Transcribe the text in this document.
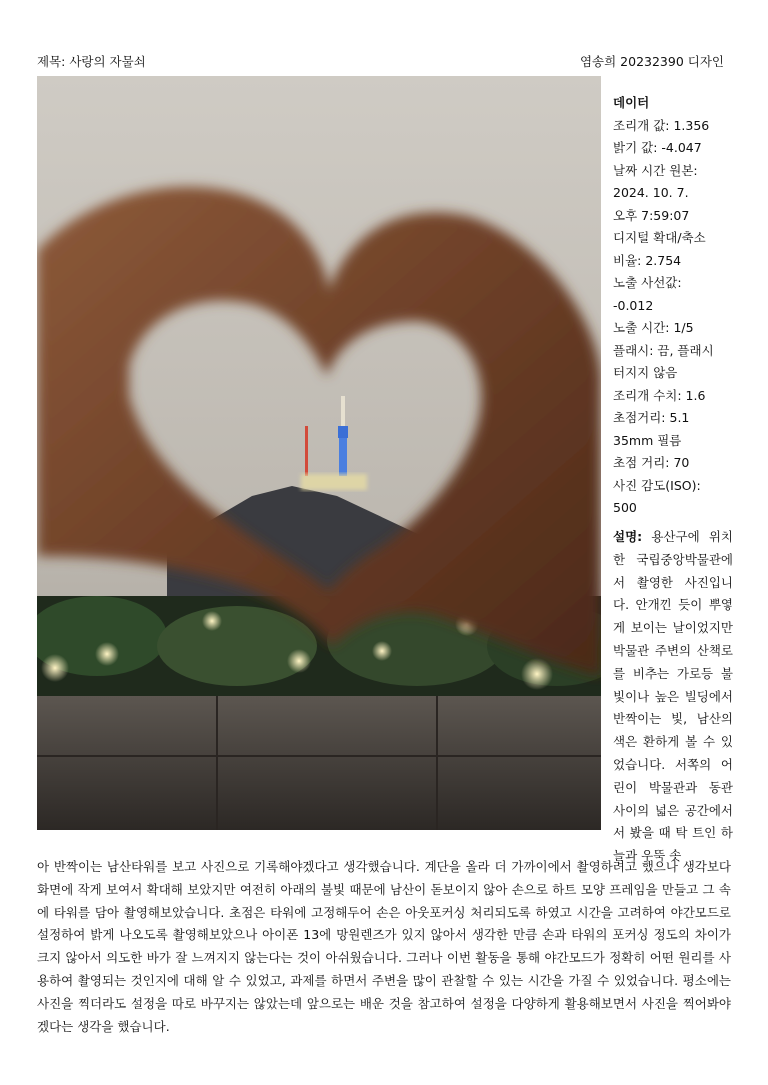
제목: 사랑의 자물쇠	염송희 20232390 디자인
데이터
조리개 값: 1.356
밝기 값: -4.047
날짜 시간 원본:
2024. 10. 7.
오후 7:59:07
디지털 확대/축소
비율: 2.754
노출 사선값:
-0.012
노출 시간: 1/5
플래시: 끔, 플래시
터지지 않음
조리개 수치: 1.6
초점거리: 5.1
35mm 필름
초점 거리: 70
사진 감도(ISO):
500
설명: 용산구에 위치한 국립중앙박물관에서 촬영한 사진입니다. 안개낀 듯이 뿌옇게 보이는 날이었지만 박물관 주변의 산책로를 비추는 가로등 불빛이나 높은 빌딩에서 반짝이는 빛, 남산의 색은 환하게 볼 수 있었습니다. 서쪽의 어린이 박물관과 동관 사이의 넓은 공간에서서 봤을 때 탁 트인 하늘과 우뚝 솟
아 반짝이는 남산타워를 보고 사진으로 기록해야겠다고 생각했습니다. 계단을 올라 더 가까이에서 촬영하려고 했으나 생각보다 화면에 작게 보여서 확대해 보았지만 여전히 아래의 불빛 때문에 남산이 돋보이지 않아 손으로 하트 모양 프레임을 만들고 그 속에 타워를 담아 촬영해보았습니다. 초점은 타워에 고정해두어 손은 아웃포커싱 처리되도록 하였고 시간을 고려하여 야간모드로 설정하여 밝게 나오도록 촬영해보았으나 아이폰 13에 망원렌즈가 있지 않아서 생각한 만큼 손과 타워의 포커싱 정도의 차이가 크지 않아서 의도한 바가 잘 느껴지지 않는다는 것이 아쉬웠습니다. 그러나 이번 활동을 통해 야간모드가 정확히 어떤 원리를 사용하여 촬영되는 것인지에 대해 알 수 있었고, 과제를 하면서 주변을 많이 관찰할 수 있는 시간을 가질 수 있었습니다. 평소에는 사진을 찍더라도 설정을 따로 바꾸지는 않았는데 앞으로는 배운 것을 참고하여 설정을 다양하게 활용해보면서 사진을 찍어봐야겠다는 생각을 했습니다.
